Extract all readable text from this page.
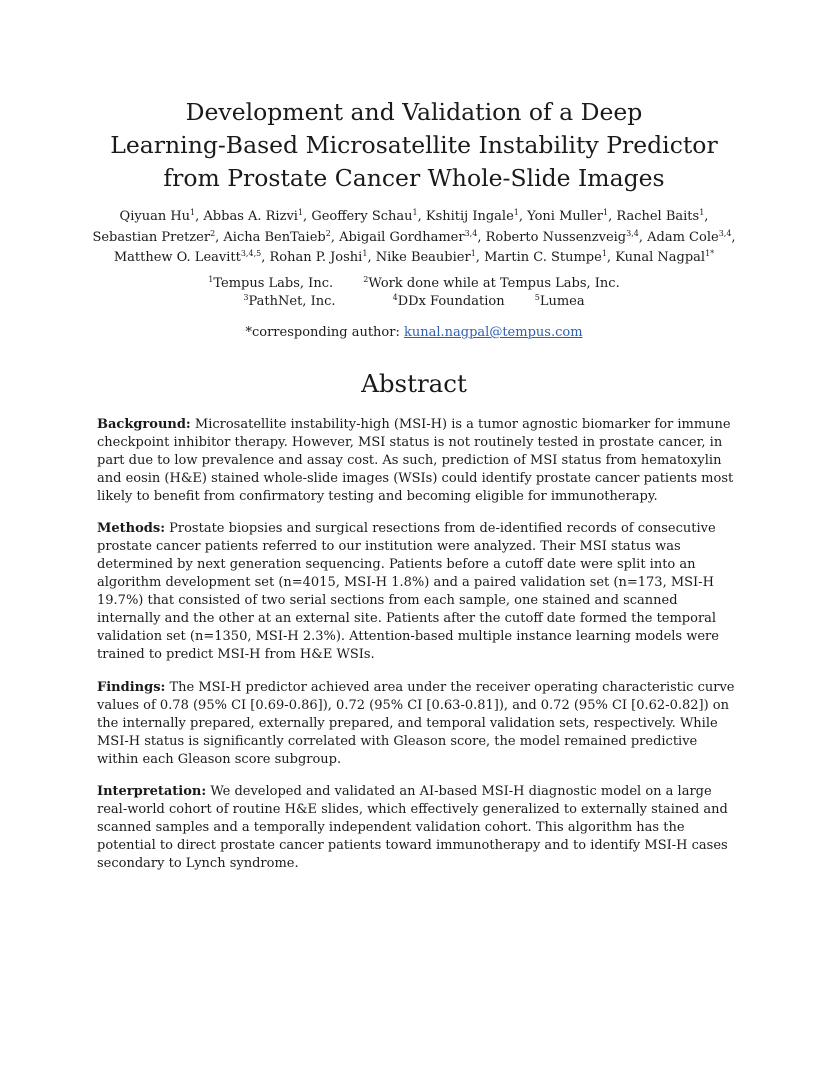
Development and Validation of a Deep
Learning-Based Microsatellite Instability Predictor
from Prostate Cancer Whole-Slide Images
Qiyuan Hu$^1$, Abbas A. Rizvi$^1$, Geoffery Schau$^1$, Kshitij Ingale$^1$, Yoni Muller$^1$, Rachel Baits$^1$,
Sebastian Pretzer$^2$, Aicha BenTaieb$^2$, Abigail Gordhamer$^{3,4}$, Roberto Nussenzveig$^{3,4}$, Adam Cole$^{3,4}$,
Matthew O. Leavitt$^{3,4,5}$, Rohan P. Joshi$^1$, Nike Beaubier$^1$, Martin C. Stumpe$^1$, Kunal Nagpal$^{1*}$
$^1$Tempus Labs, Inc.	$^2$Work done while at Tempus Labs, Inc.
$^3$PathNet, Inc.	$^4$DDx Foundation	$^5$Lumea
*corresponding author: kunal.nagpal@tempus.com
Abstract

Background: Microsatellite instability-high (MSI-H) is a tumor agnostic biomarker for immune checkpoint inhibitor therapy. However, MSI status is not routinely tested in prostate cancer, in part due to low prevalence and assay cost. As such, prediction of MSI status from hematoxylin and eosin (H&E) stained whole-slide images (WSIs) could identify prostate cancer patients most likely to benefit from confirmatory testing and becoming eligible for immunotherapy.

Methods: Prostate biopsies and surgical resections from de-identified records of consecutive prostate cancer patients referred to our institution were analyzed. Their MSI status was determined by next generation sequencing. Patients before a cutoff date were split into an algorithm development set (n=4015, MSI-H 1.8%) and a paired validation set (n=173, MSI-H 19.7%) that consisted of two serial sections from each sample, one stained and scanned internally and the other at an external site. Patients after the cutoff date formed the temporal validation set (n=1350, MSI-H 2.3%). Attention-based multiple instance learning models were trained to predict MSI-H from H&E WSIs.

Findings: The MSI-H predictor achieved area under the receiver operating characteristic curve values of 0.78 (95% CI [0.69-0.86]), 0.72 (95% CI [0.63-0.81]), and 0.72 (95% CI [0.62-0.82]) on the internally prepared, externally prepared, and temporal validation sets, respectively. While MSI-H status is significantly correlated with Gleason score, the model remained predictive within each Gleason score subgroup.

Interpretation: We developed and validated an AI-based MSI-H diagnostic model on a large real-world cohort of routine H&E slides, which effectively generalized to externally stained and scanned samples and a temporally independent validation cohort. This algorithm has the potential to direct prostate cancer patients toward immunotherapy and to identify MSI-H cases secondary to Lynch syndrome.
